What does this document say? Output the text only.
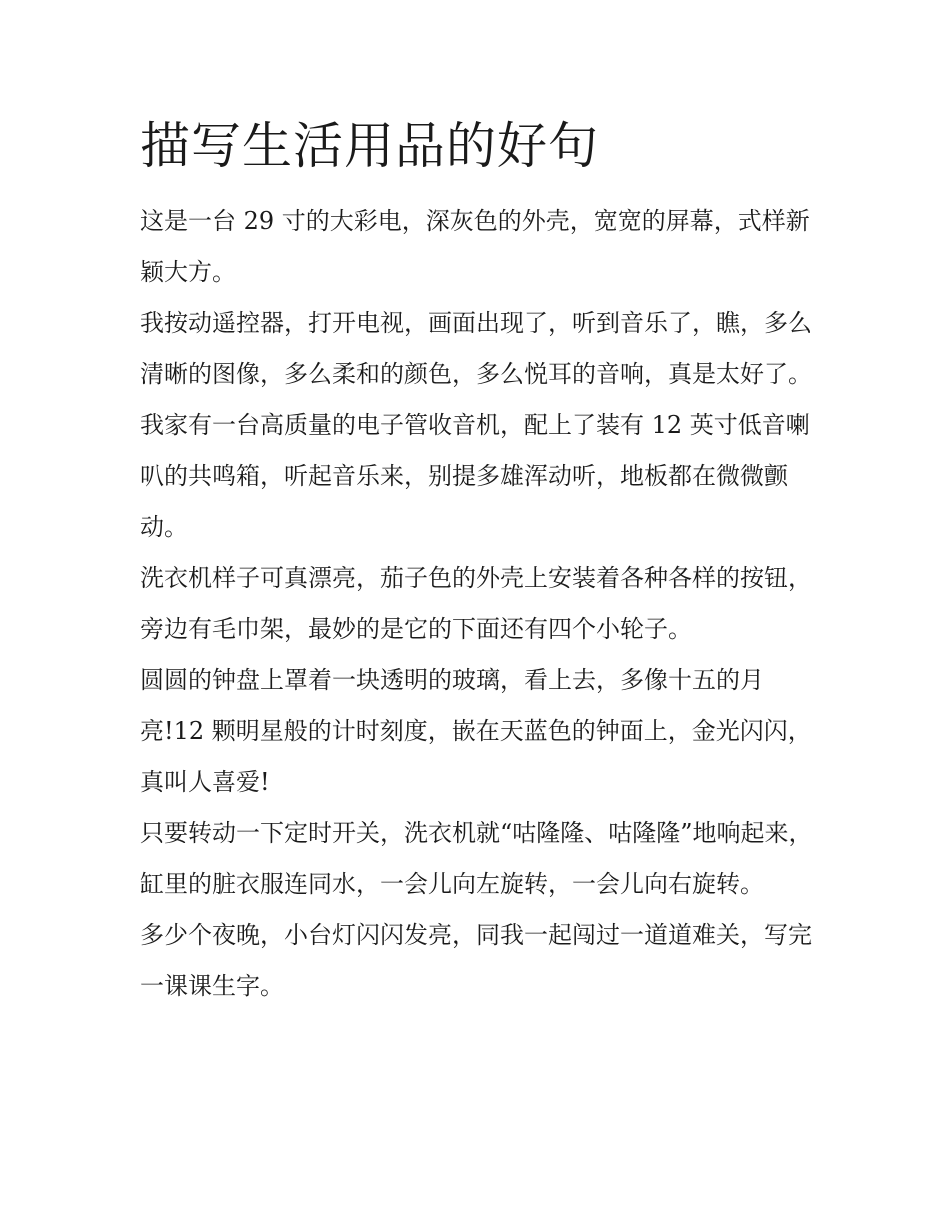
描写生活用品的好句

这是一台 29 寸的大彩电，深灰色的外壳，宽宽的屏幕，式样新颖大方。

我按动遥控器，打开电视，画面出现了，听到音乐了，瞧，多么清晰的图像，多么柔和的颜色，多么悦耳的音响，真是太好了。

我家有一台高质量的电子管收音机，配上了装有 12 英寸低音喇叭的共鸣箱，听起音乐来，别提多雄浑动听，地板都在微微颤动。

洗衣机样子可真漂亮，茄子色的外壳上安装着各种各样的按钮，旁边有毛巾架，最妙的是它的下面还有四个小轮子。

圆圆的钟盘上罩着一块透明的玻璃，看上去，多像十五的月亮!12 颗明星般的计时刻度，嵌在天蓝色的钟面上，金光闪闪，真叫人喜爱!

只要转动一下定时开关，洗衣机就“咕隆隆、咕隆隆”地响起来，缸里的脏衣服连同水，一会儿向左旋转，一会儿向右旋转。

多少个夜晚，小台灯闪闪发亮，同我一起闯过一道道难关，写完一课课生字。
